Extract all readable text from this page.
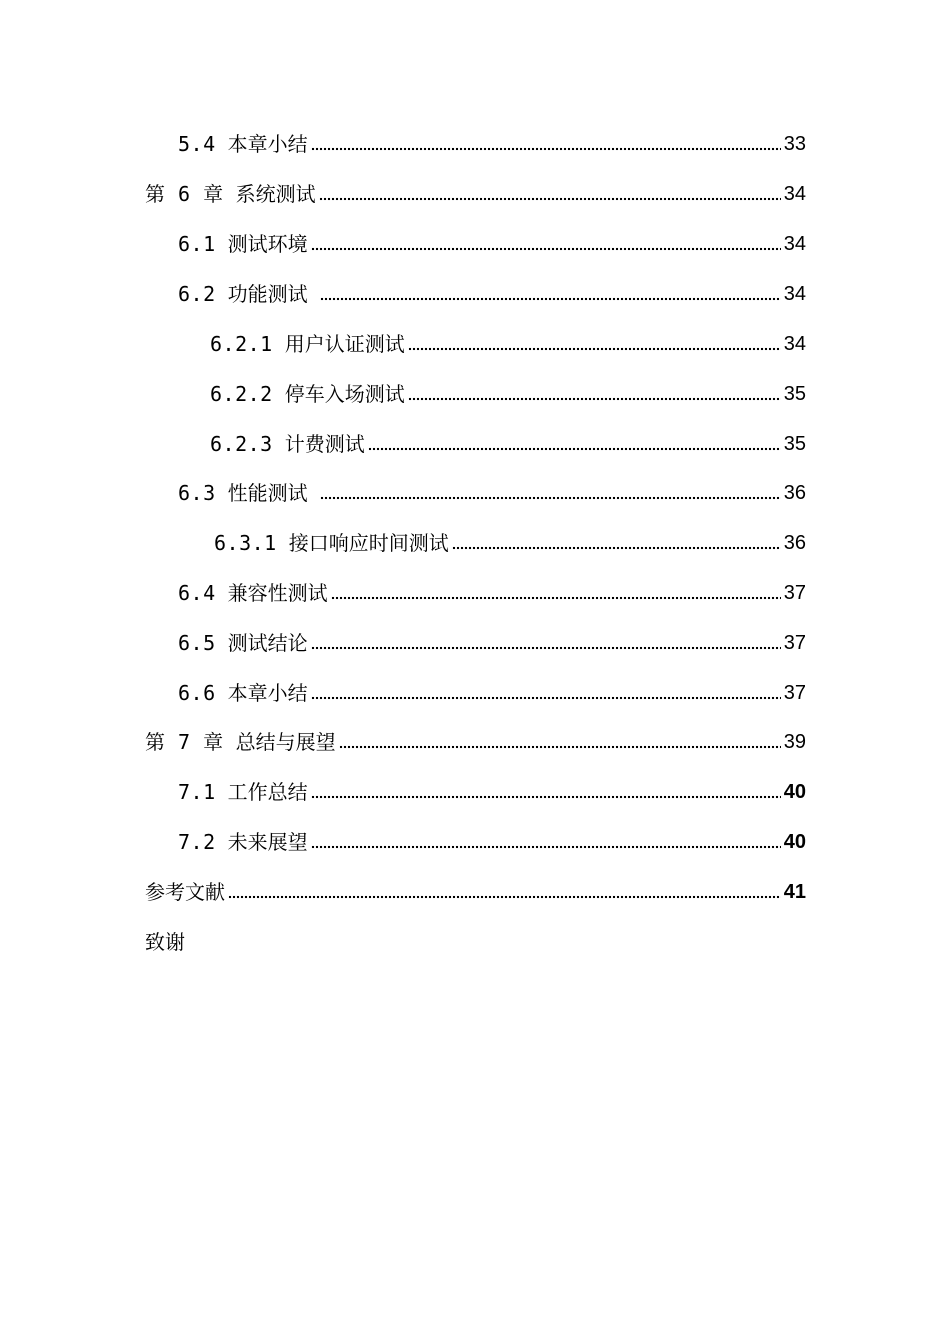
5.4 本章小结	33
第 6 章 系统测试	34
6.1 测试环境	34
6.2 功能测试	34
6.2.1 用户认证测试	34
6.2.2 停车入场测试	35
6.2.3 计费测试	35
6.3 性能测试	36
6.3.1 接口响应时间测试	36
6.4 兼容性测试	37
6.5 测试结论	37
6.6 本章小结	37
第 7 章 总结与展望	39
7.1 工作总结	40
7.2 未来展望	40
参考文献	41
致谢
